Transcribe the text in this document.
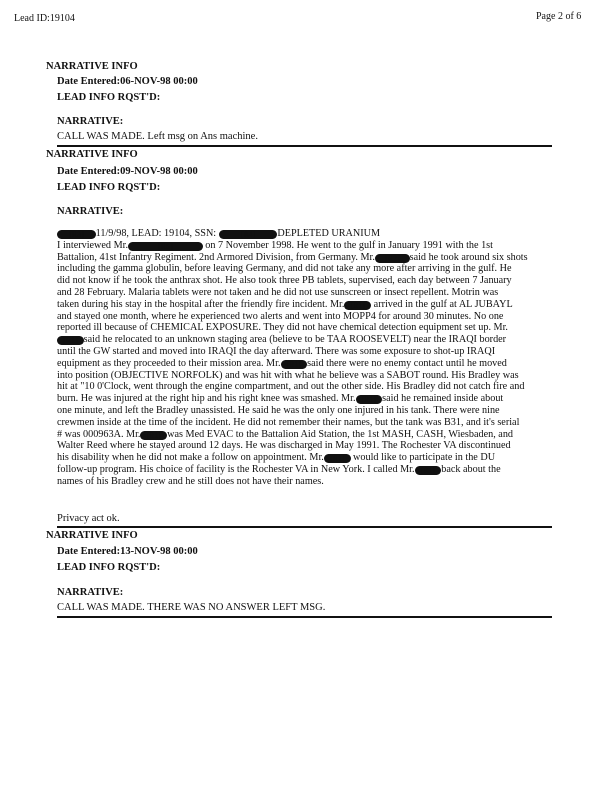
Lead ID:19104	Page 2 of 6
NARRATIVE INFO
Date Entered:06-NOV-98 00:00
LEAD INFO RQST'D:
NARRATIVE:
CALL WAS MADE. Left msg on Ans machine.
NARRATIVE INFO
Date Entered:09-NOV-98 00:00
LEAD INFO RQST'D:
NARRATIVE:
[R3] 11/9/98, LEAD: 19104, SSN:	[R4] DEPLETED URANIUM
I interviewed Mr.	[R5]	on 7 November 1998. He went to the gulf in January 1991 with the 1st
Battalion, 41st Infantry Regiment. 2nd Armored Division, from Germany. Mr. [R2] said he took around six shots
including the gamma globulin, before leaving Germany, and did not take any more after arriving in the gulf. He
did not know if he took the anthrax shot. He also took three PB tablets, supervised, each day between 7 January
and 28 February. Malaria tablets were not taken and he did not use sunscreen or insect repellent. Motrin was
taken during his stay in the hospital after the friendly fire incident. Mr. [R1] arrived in the gulf at AL JUBAYL
and stayed one month, where he experienced two alerts and went into MOPP4 for around 30 minutes. No one
reported ill because of CHEMICAL EXPOSURE. They did not have chemical detection equipment set up. Mr.
[R1] said he relocated to an unknown staging area (believe to be TAA ROOSEVELT) near the IRAQI border
until the GW started and moved into IRAQI the day afterward. There was some exposure to shot-up IRAQI
equipment as they proceeded to their mission area. Mr. [R1] said there were no enemy contact until he moved
into position (OBJECTIVE NORFOLK) and was hit with what he believe was a SABOT round. His Bradley was
hit at "10 0'Clock, went through the engine compartment, and out the other side. His Bradley did not catch fire and
burn. He was injured at the right hip and his right knee was smashed. Mr. [R1] said he remained inside about
one minute, and left the Bradley unassisted. He said he was the only one injured in his tank. There were nine
crewmen inside at the time of the incident. He did not remember their names, but the tank was B31, and it's serial
# was 000963A. Mr. [R1] was Med EVAC to the Battalion Aid Station, the 1st MASH, CASH, Wiesbaden, and
Walter Reed where he stayed around 12 days. He was discharged in May 1991. The Rochester VA discontinued
his disability when he did not make a follow on appointment. Mr. [R1] would like to participate in the DU
follow-up program. His choice of facility is the Rochester VA in New York. I called Mr. [R1] back about the
names of his Bradley crew and he still does not have their names.
Privacy act ok.
NARRATIVE INFO
Date Entered:13-NOV-98 00:00
LEAD INFO RQST'D:
NARRATIVE:
CALL WAS MADE. THERE WAS NO ANSWER LEFT MSG.
